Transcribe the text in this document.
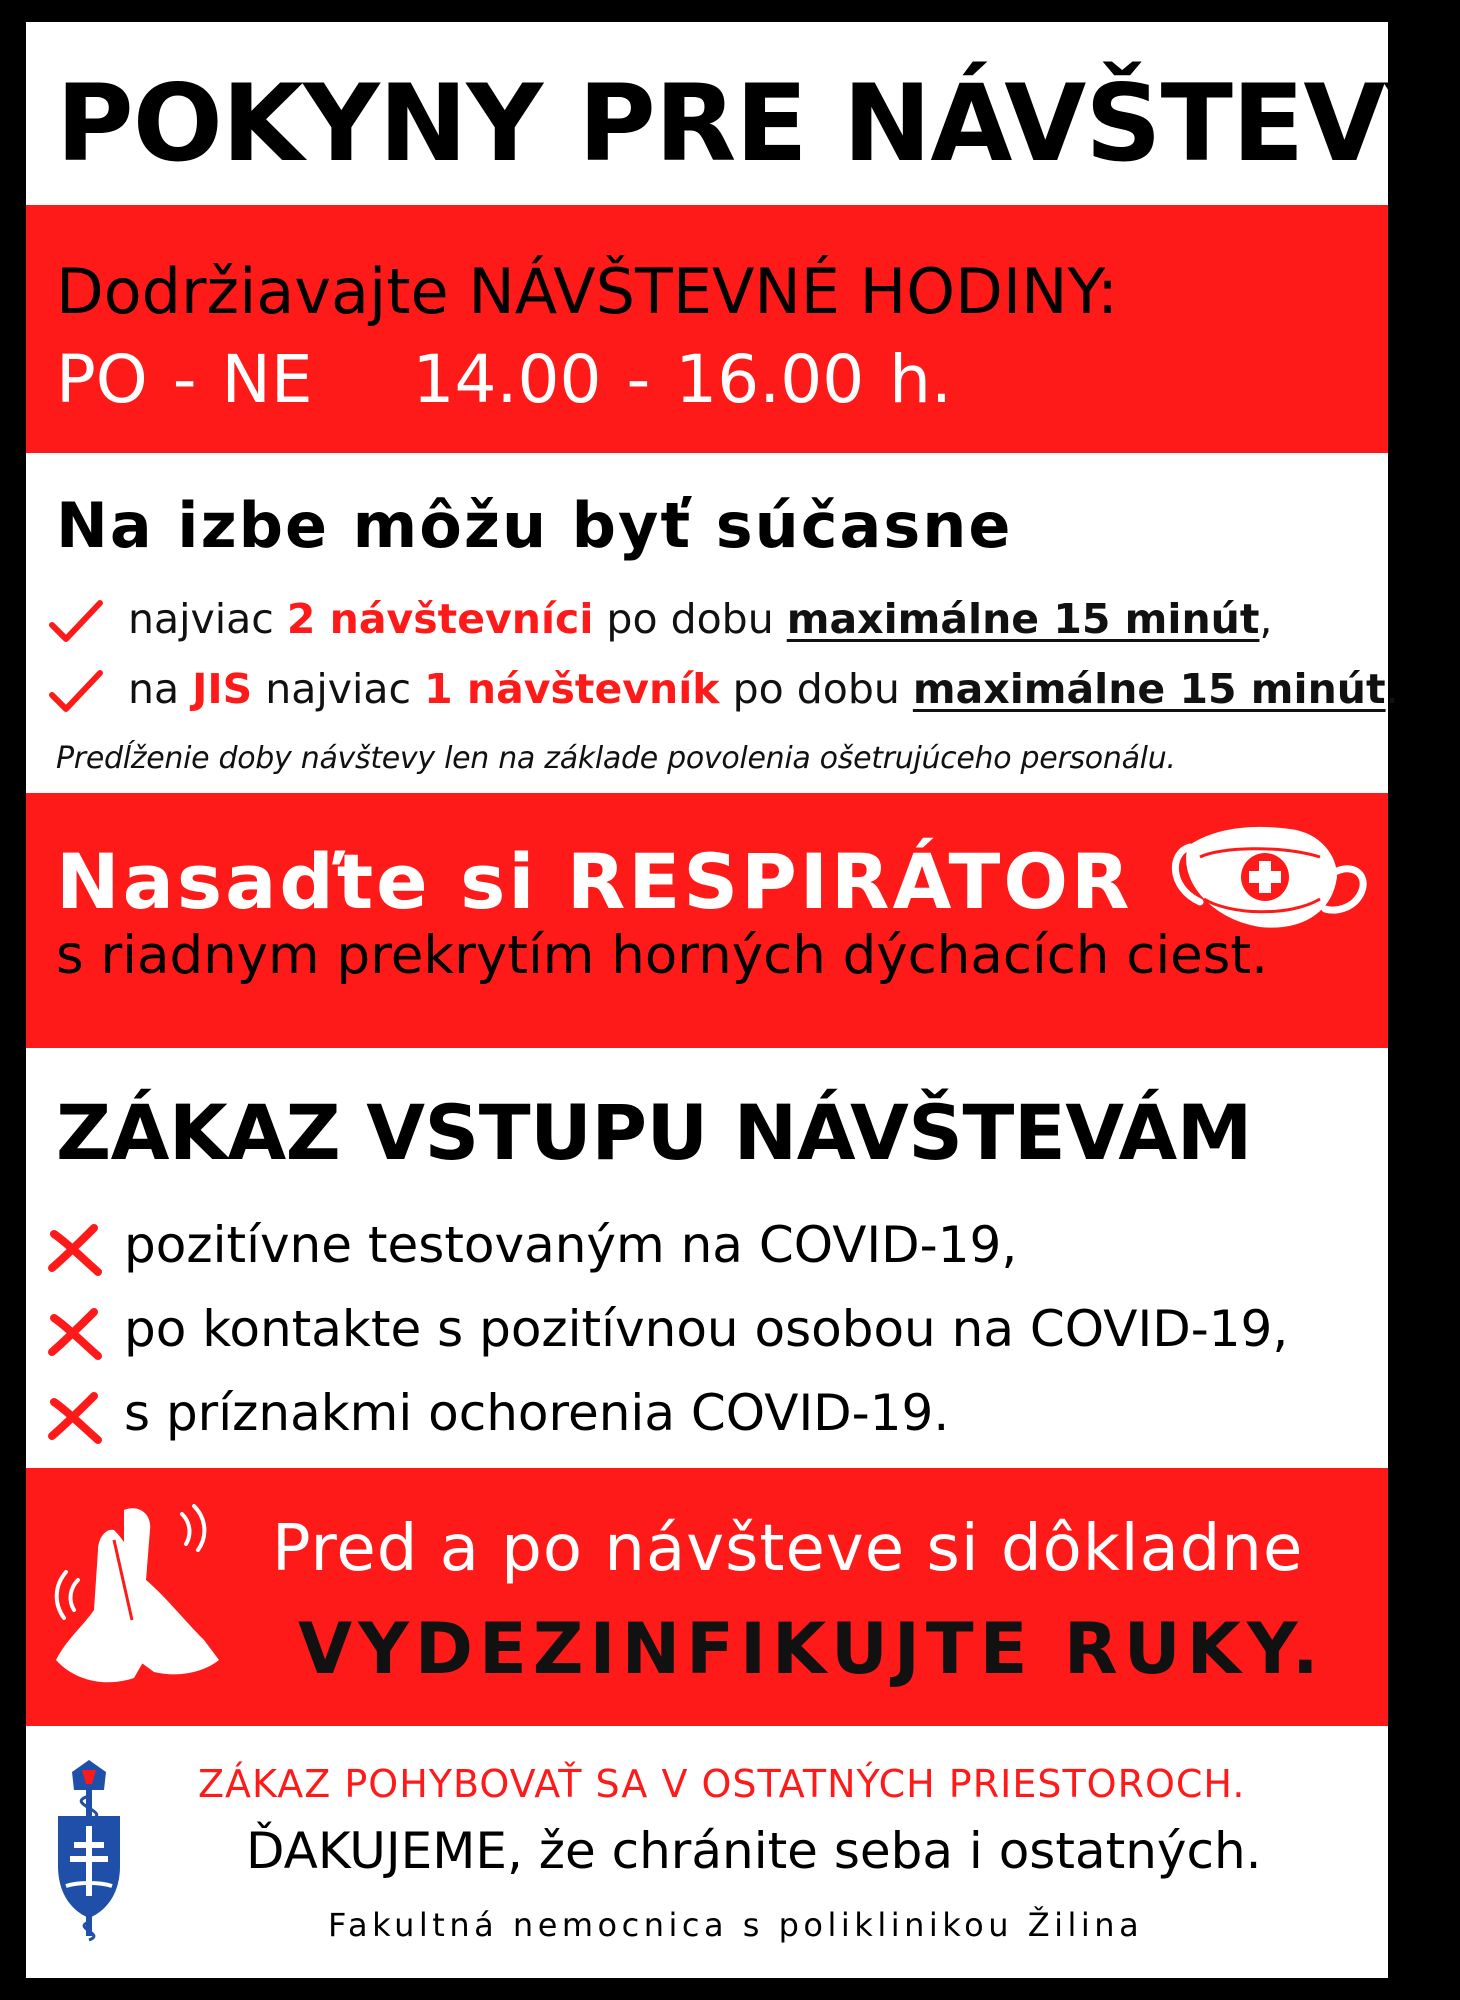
POKYNY PRE NÁVŠTEVY
Dodržiavajte NÁVŠTEVNÉ HODINY:
PO - NE 14.00 - 16.00 h.
Na izbe môžu byť súčasne
najviac 2 návštevníci po dobu maximálne 15 minút,
na JIS najviac 1 návštevník po dobu maximálne 15 minút.
Predĺženie doby návštevy len na základe povolenia ošetrujúceho personálu.
Nasaďte si RESPIRÁTOR
s riadnym prekrytím horných dýchacích ciest.
ZÁKAZ VSTUPU NÁVŠTEVÁM
pozitívne testovaným na COVID-19,
po kontakte s pozitívnou osobou na COVID-19,
s príznakmi ochorenia COVID-19.
Pred a po návšteve si dôkladne
VYDEZINFIKUJTE RUKY.
ZÁKAZ POHYBOVAŤ SA V OSTATNÝCH PRIESTOROCH.
ĎAKUJEME, že chránite seba i ostatných.
Fakultná nemocnica s poliklinikou Žilina
